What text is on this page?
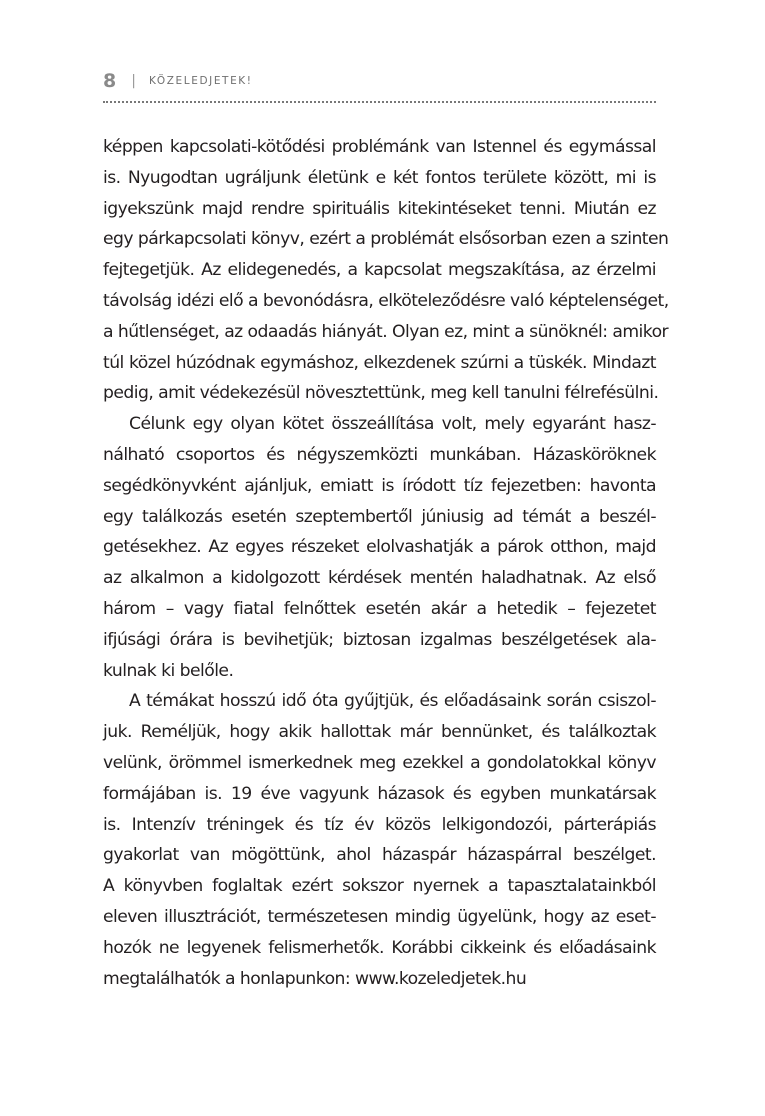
8 | KÖZELEDJETEK!

képpen kapcsolati-kötődési problémánk van Istennel és egymással
is. Nyugodtan ugráljunk életünk e két fontos területe között, mi is
igyekszünk majd rendre spirituális kitekintéseket tenni. Miután ez
egy párkapcsolati könyv, ezért a problémát elsősorban ezen a szinten
fejtegetjük. Az elidegenedés, a kapcsolat megszakítása, az érzelmi
távolság idézi elő a bevonódásra, elköteleződésre való képtelenséget,
a hűtlenséget, az odaadás hiányát. Olyan ez, mint a sünöknél: amikor
túl közel húzódnak egymáshoz, elkezdenek szúrni a tüskék. Mindazt
pedig, amit védekezésül növesztettünk, meg kell tanulni félrefésülni.

Célunk egy olyan kötet összeállítása volt, mely egyaránt hasz-
nálható csoportos és négyszemközti munkában. Házasköröknek
segédkönyvként ajánljuk, emiatt is íródott tíz fejezetben: havonta
egy találkozás esetén szeptembertől júniusig ad témát a beszél-
getésekhez. Az egyes részeket elolvashatják a párok otthon, majd
az alkalmon a kidolgozott kérdések mentén haladhatnak. Az első
három – vagy fiatal felnőttek esetén akár a hetedik – fejezetet
ifjúsági órára is bevihetjük; biztosan izgalmas beszélgetések ala-
kulnak ki belőle.

A témákat hosszú idő óta gyűjtjük, és előadásaink során csiszol-
juk. Reméljük, hogy akik hallottak már bennünket, és találkoztak
velünk, örömmel ismerkednek meg ezekkel a gondolatokkal könyv
formájában is. 19 éve vagyunk házasok és egyben munkatársak
is. Intenzív tréningek és tíz év közös lelkigondozói, párterápiás
gyakorlat van mögöttünk, ahol házaspár házaspárral beszélget.
A könyvben foglaltak ezért sokszor nyernek a tapasztalatainkból
eleven illusztrációt, természetesen mindig ügyelünk, hogy az eset-
hozók ne legyenek felismerhetők. Korábbi cikkeink és előadásaink
megtalálhatók a honlapunkon: www.kozeledjetek.hu
